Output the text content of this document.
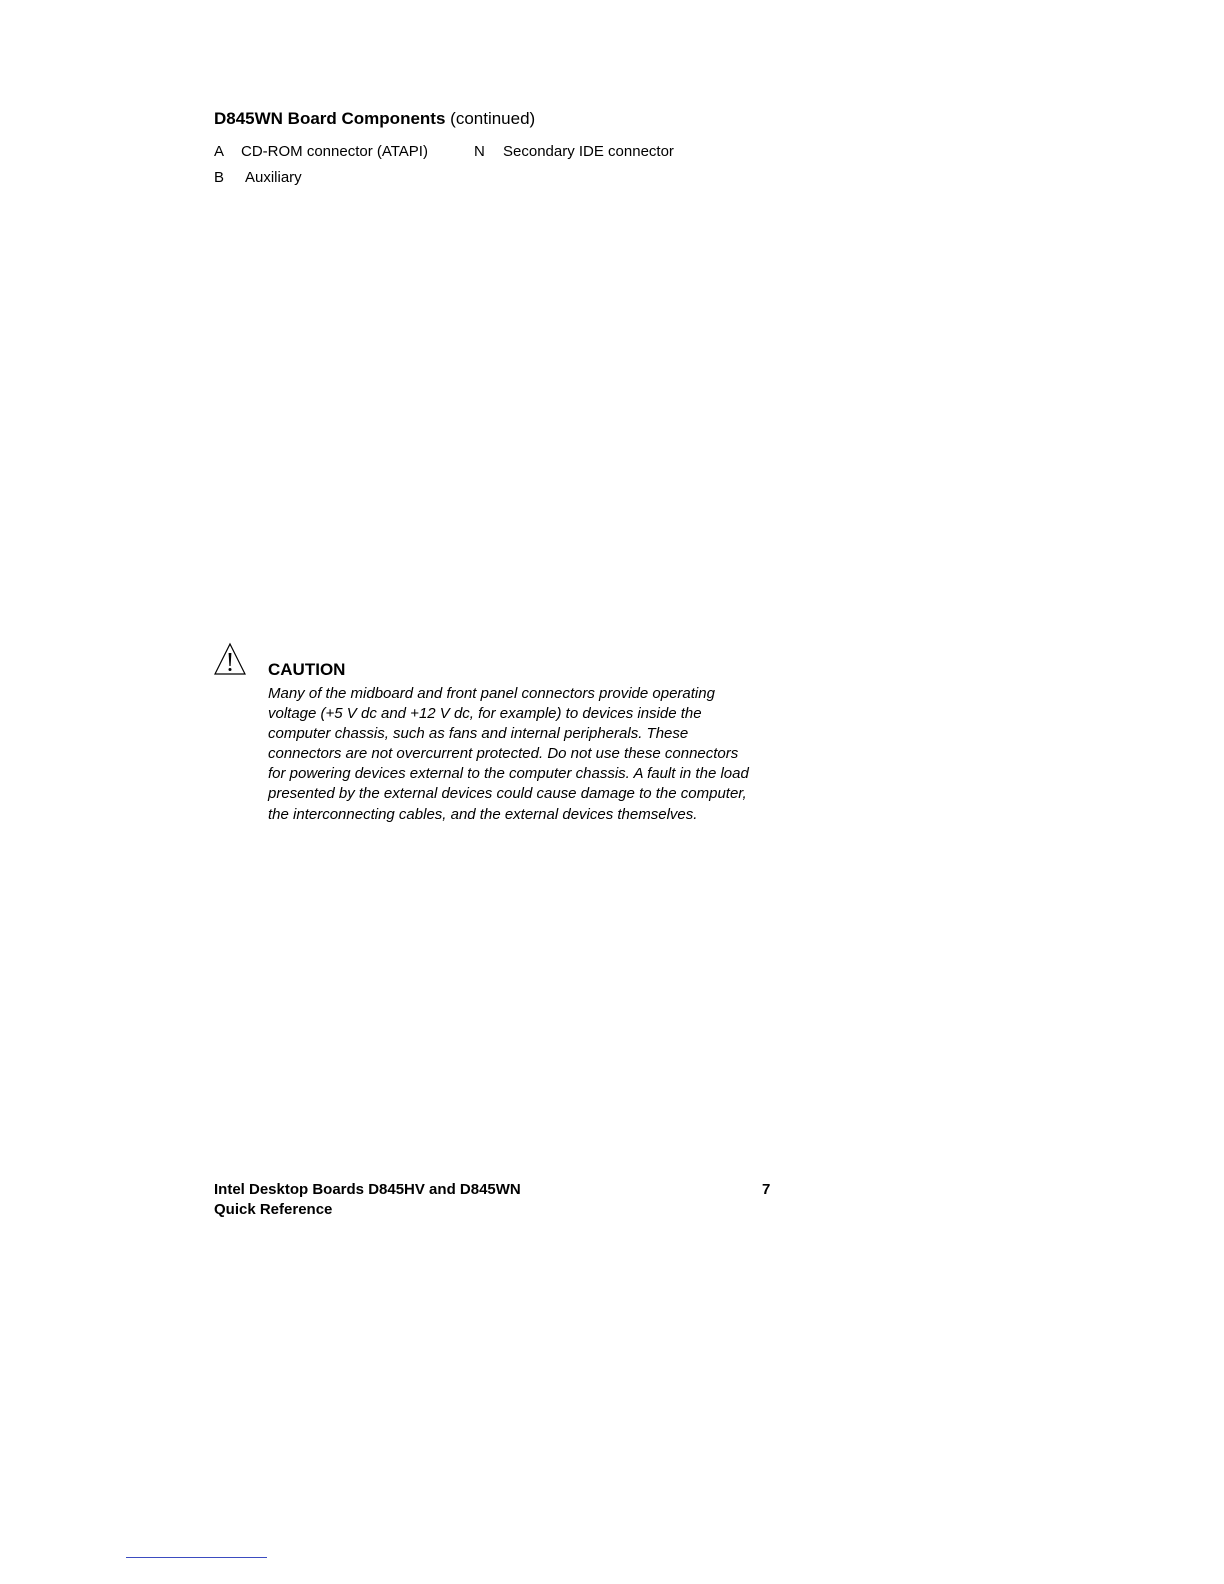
D845WN Board Components (continued)
A CD-ROM connector (ATAPI)	N Secondary IDE connector
B Auxiliary
CAUTION
Many of the midboard and front panel connectors provide operating
voltage (+5 V dc and +12 V dc, for example) to devices inside the
computer chassis, such as fans and internal peripherals. These
connectors are not overcurrent protected. Do not use these connectors
for powering devices external to the computer chassis. A fault in the load
presented by the external devices could cause damage to the computer,
the interconnecting cables, and the external devices themselves.
Intel Desktop Boards D845HV and D845WN
Quick Reference
7
